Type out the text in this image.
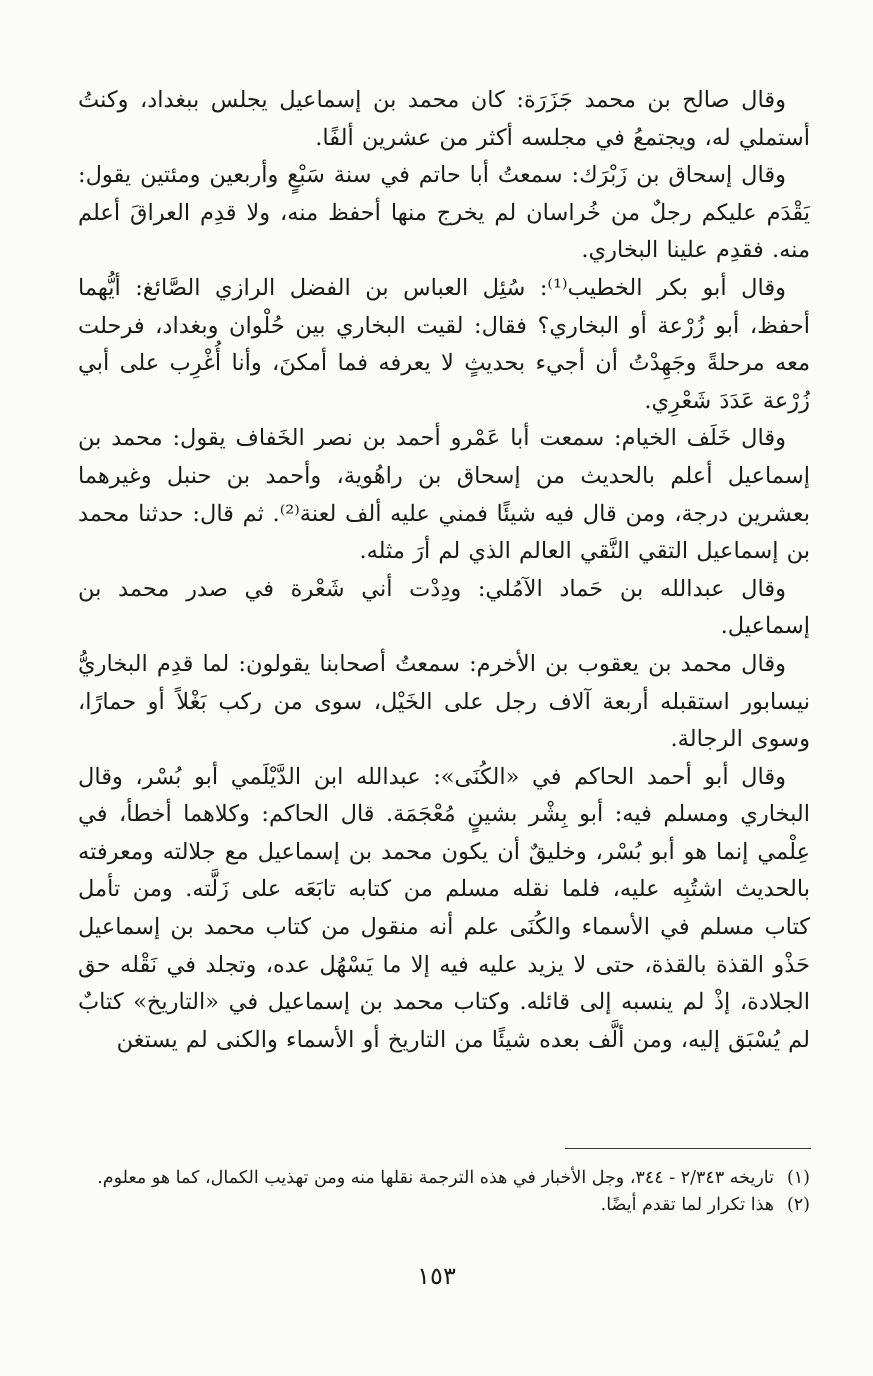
وقال صالح بن محمد جَزَرَة: كان محمد بن إسماعيل يجلس ببغداد، وكنتُ أستملي له، ويجتمعُ في مجلسه أكثر من عشرين ألفًا.

وقال إسحاق بن زَبْرَك: سمعتُ أبا حاتم في سنة سَبْعٍ وأربعين ومئتين يقول: يَقْدَم عليكم رجلٌ من خُراسان لم يخرج منها أحفظ منه، ولا قدِم العراقَ أعلم منه. فقدِم علينا البخاري.

وقال أبو بكر الخطيب⁽¹⁾: سُئِل العباس بن الفضل الرازي الصَّائغ: أيُّهما أحفظ، أبو زُرْعة أو البخاري؟ فقال: لقيت البخاري بين حُلْوان وبغداد، فرحلت معه مرحلةً وجَهِدْتُ أن أجيء بحديثٍ لا يعرفه فما أمكنَ، وأنا أُغْرِب على أبي زُرْعة عَدَدَ شَعْرِي.

وقال خَلَف الخيام: سمعت أبا عَمْرو أحمد بن نصر الخَفاف يقول: محمد بن إسماعيل أعلم بالحديث من إسحاق بن راهُوية، وأحمد بن حنبل وغيرهما بعشرين درجة، ومن قال فيه شيئًا فمني عليه ألف لعنة⁽²⁾. ثم قال: حدثنا محمد بن إسماعيل التقي النَّقي العالم الذي لم أرَ مثله.

وقال عبدالله بن حَماد الآمُلي: ودِدْت أني شَعْرة في صدر محمد بن إسماعيل.

وقال محمد بن يعقوب بن الأخرم: سمعتُ أصحابنا يقولون: لما قدِم البخاريُّ نيسابور استقبله أربعة آلاف رجل على الخَيْل، سوى من ركب بَغْلاً أو حمارًا، وسوى الرجالة.

وقال أبو أحمد الحاكم في «الكُنَى»: عبدالله ابن الدَّيْلَمي أبو بُسْر، وقال البخاري ومسلم فيه: أبو بِشْر بشينٍ مُعْجَمَة. قال الحاكم: وكلاهما أخطأ، في عِلْمي إنما هو أبو بُسْر، وخليقٌ أن يكون محمد بن إسماعيل مع جلالته ومعرفته بالحديث اشتُبِه عليه، فلما نقله مسلم من كتابه تابَعَه على زَلَّته. ومن تأمل كتاب مسلم في الأسماء والكُنَى علم أنه منقول من كتاب محمد بن إسماعيل حَذْو القذة بالقذة، حتى لا يزيد عليه فيه إلا ما يَسْهُل عده، وتجلد في نَقْله حق الجلادة، إذْ لم ينسبه إلى قائله. وكتاب محمد بن إسماعيل في «التاريخ» كتابٌ لم يُسْبَق إليه، ومن ألَّف بعده شيئًا من التاريخ أو الأسماء والكنى لم يستغن

(١)
تاريخه ٢/٣٤٣ - ٣٤٤، وجل الأخبار في هذه الترجمة نقلها منه ومن تهذيب الكمال، كما هو معلوم.

(٢)
هذا تكرار لما تقدم أيضًا.

١٥٣
